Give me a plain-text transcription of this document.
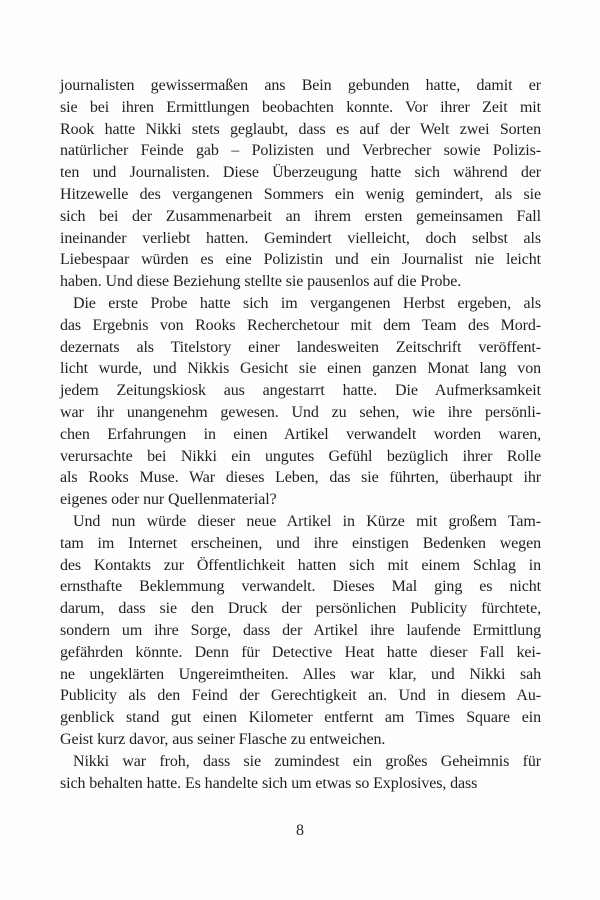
journalisten gewissermaßen ans Bein gebunden hatte, damit er
sie bei ihren Ermittlungen beobachten konnte. Vor ihrer Zeit mit
Rook hatte Nikki stets geglaubt, dass es auf der Welt zwei Sorten
natürlicher Feinde gab – Polizisten und Verbrecher sowie Polizis-
ten und Journalisten. Diese Überzeugung hatte sich während der
Hitzewelle des vergangenen Sommers ein wenig gemindert, als sie
sich bei der Zusammenarbeit an ihrem ersten gemeinsamen Fall
ineinander verliebt hatten. Gemindert vielleicht, doch selbst als
Liebespaar würden es eine Polizistin und ein Journalist nie leicht
haben. Und diese Beziehung stellte sie pausenlos auf die Probe.
Die erste Probe hatte sich im vergangenen Herbst ergeben, als
das Ergebnis von Rooks Recherchetour mit dem Team des Mord-
dezernats als Titelstory einer landesweiten Zeitschrift veröffent-
licht wurde, und Nikkis Gesicht sie einen ganzen Monat lang von
jedem Zeitungskiosk aus angestarrt hatte. Die Aufmerksamkeit
war ihr unangenehm gewesen. Und zu sehen, wie ihre persönli-
chen Erfahrungen in einen Artikel verwandelt worden waren,
verursachte bei Nikki ein ungutes Gefühl bezüglich ihrer Rolle
als Rooks Muse. War dieses Leben, das sie führten, überhaupt ihr
eigenes oder nur Quellenmaterial?
Und nun würde dieser neue Artikel in Kürze mit großem Tam-
tam im Internet erscheinen, und ihre einstigen Bedenken wegen
des Kontakts zur Öffentlichkeit hatten sich mit einem Schlag in
ernsthafte Beklemmung verwandelt. Dieses Mal ging es nicht
darum, dass sie den Druck der persönlichen Publicity fürchtete,
sondern um ihre Sorge, dass der Artikel ihre laufende Ermittlung
gefährden könnte. Denn für Detective Heat hatte dieser Fall kei-
ne ungeklärten Ungereimtheiten. Alles war klar, und Nikki sah
Publicity als den Feind der Gerechtigkeit an. Und in diesem Au-
genblick stand gut einen Kilometer entfernt am Times Square ein
Geist kurz davor, aus seiner Flasche zu entweichen.
Nikki war froh, dass sie zumindest ein großes Geheimnis für
sich behalten hatte. Es handelte sich um etwas so Explosives, dass
8
